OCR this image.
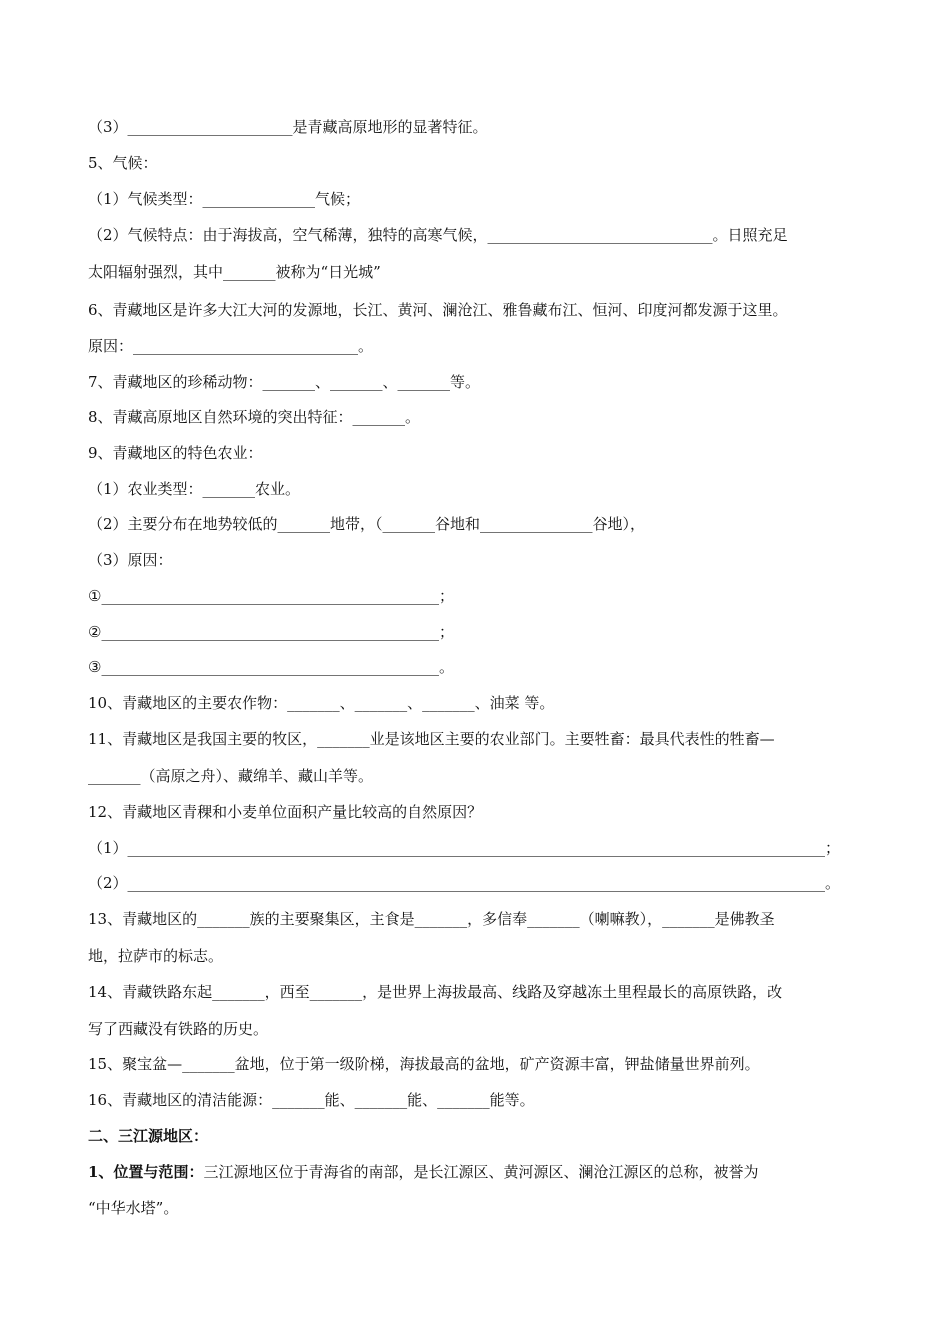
（3）______________________是青藏高原地形的显著特征。
5、气候：
（1）气候类型：_______________气候；
（2）气候特点：由于海拔高，空气稀薄，独特的高寒气候，______________________________。日照充足
太阳辐射强烈，其中_______被称为“日光城”
6、青藏地区是许多大江大河的发源地，长江、黄河、澜沧江、雅鲁藏布江、恒河、印度河都发源于这里。
原因：______________________________。
7、青藏地区的珍稀动物：_______、_______、_______等。
8、青藏高原地区自然环境的突出特征：_______。
9、青藏地区的特色农业：
（1）农业类型：_______农业。
（2）主要分布在地势较低的_______地带，（_______谷地和_______________谷地），
（3）原因：
①_____________________________________________；
②_____________________________________________；
③_____________________________________________。
10、青藏地区的主要农作物：_______、_______、_______、油菜 等。
11、青藏地区是我国主要的牧区，_______业是该地区主要的农业部门。主要牲畜：最具代表性的牲畜—
_______（高原之舟）、藏绵羊、藏山羊等。
12、青藏地区青稞和小麦单位面积产量比较高的自然原因？
（1）_____________________________________________________________________________________________；
（2）_____________________________________________________________________________________________。
13、青藏地区的_______族的主要聚集区，主食是_______，多信奉_______（喇嘛教），_______是佛教圣
地，拉萨市的标志。
14、青藏铁路东起_______，西至_______，是世界上海拔最高、线路及穿越冻土里程最长的高原铁路，改
写了西藏没有铁路的历史。
15、聚宝盆—_______盆地，位于第一级阶梯，海拔最高的盆地，矿产资源丰富，钾盐储量世界前列。
16、青藏地区的清洁能源：_______能、_______能、_______能等。
二、三江源地区：
1、位置与范围：三江源地区位于青海省的南部，是长江源区、黄河源区、澜沧江源区的总称，被誉为
“中华水塔”。
